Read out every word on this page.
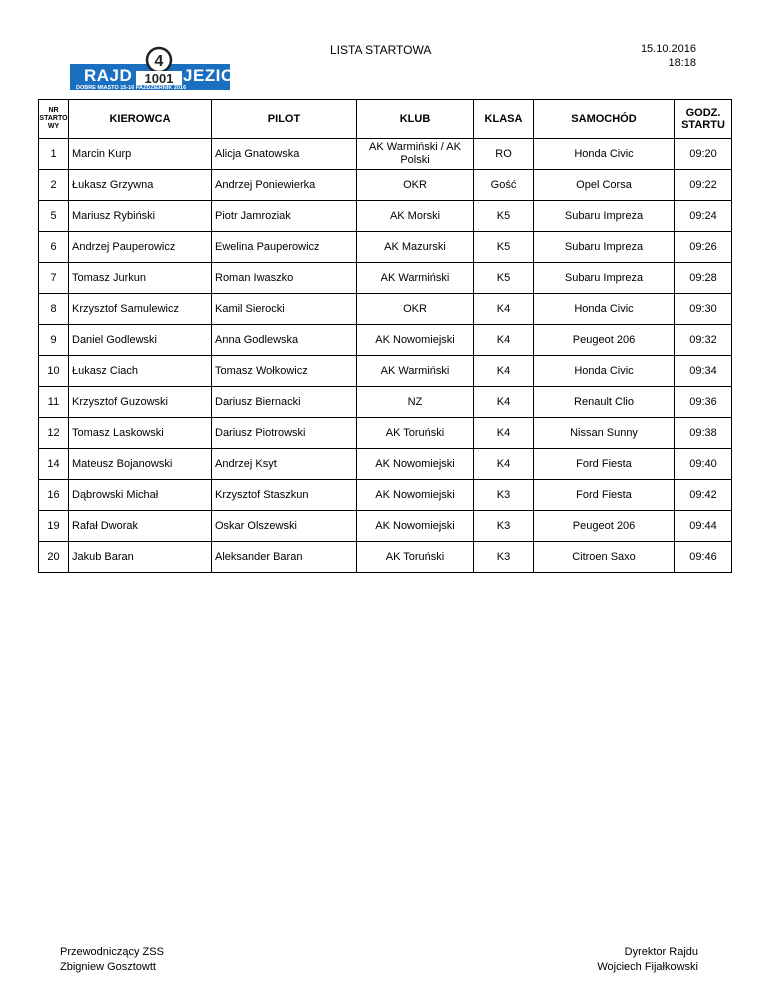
LISTA STARTOWA	15.10.2016
18:18
4
RAJD 1001 JEZIOR
DOBRE MIASTO 15-16 PAŹDZIERNIK 2016
NR STARTO WY	KIEROWCA	PILOT	KLUB	KLASA	SAMOCHÓD	GODZ. STARTU
1	Marcin Kurp	Alicja Gnatowska	AK Warmiński / AK Polski	RO	Honda Civic	09:20
2	Łukasz Grzywna	Andrzej Poniewierka	OKR	Gość	Opel Corsa	09:22
5	Mariusz Rybiński	Piotr Jamroziak	AK Morski	K5	Subaru Impreza	09:24
6	Andrzej Pauperowicz	Ewelina Pauperowicz	AK Mazurski	K5	Subaru Impreza	09:26
7	Tomasz Jurkun	Roman Iwaszko	AK Warmiński	K5	Subaru Impreza	09:28
8	Krzysztof Samulewicz	Kamil Sierocki	OKR	K4	Honda Civic	09:30
9	Daniel Godlewski	Anna Godlewska	AK Nowomiejski	K4	Peugeot 206	09:32
10	Łukasz Ciach	Tomasz Wołkowicz	AK Warmiński	K4	Honda Civic	09:34
11	Krzysztof Guzowski	Dariusz Biernacki	NZ	K4	Renault Clio	09:36
12	Tomasz Laskowski	Dariusz Piotrowski	AK Toruński	K4	Nissan Sunny	09:38
14	Mateusz Bojanowski	Andrzej Ksyt	AK Nowomiejski	K4	Ford Fiesta	09:40
16	Dąbrowski Michał	Krzysztof Staszkun	AK Nowomiejski	K3	Ford Fiesta	09:42
19	Rafał Dworak	Oskar Olszewski	AK Nowomiejski	K3	Peugeot 206	09:44
20	Jakub Baran	Aleksander Baran	AK Toruński	K3	Citroen Saxo	09:46
Przewodniczący ZSS
Zbigniew Gosztowtt
Dyrektor Rajdu
Wojciech Fijałkowski
